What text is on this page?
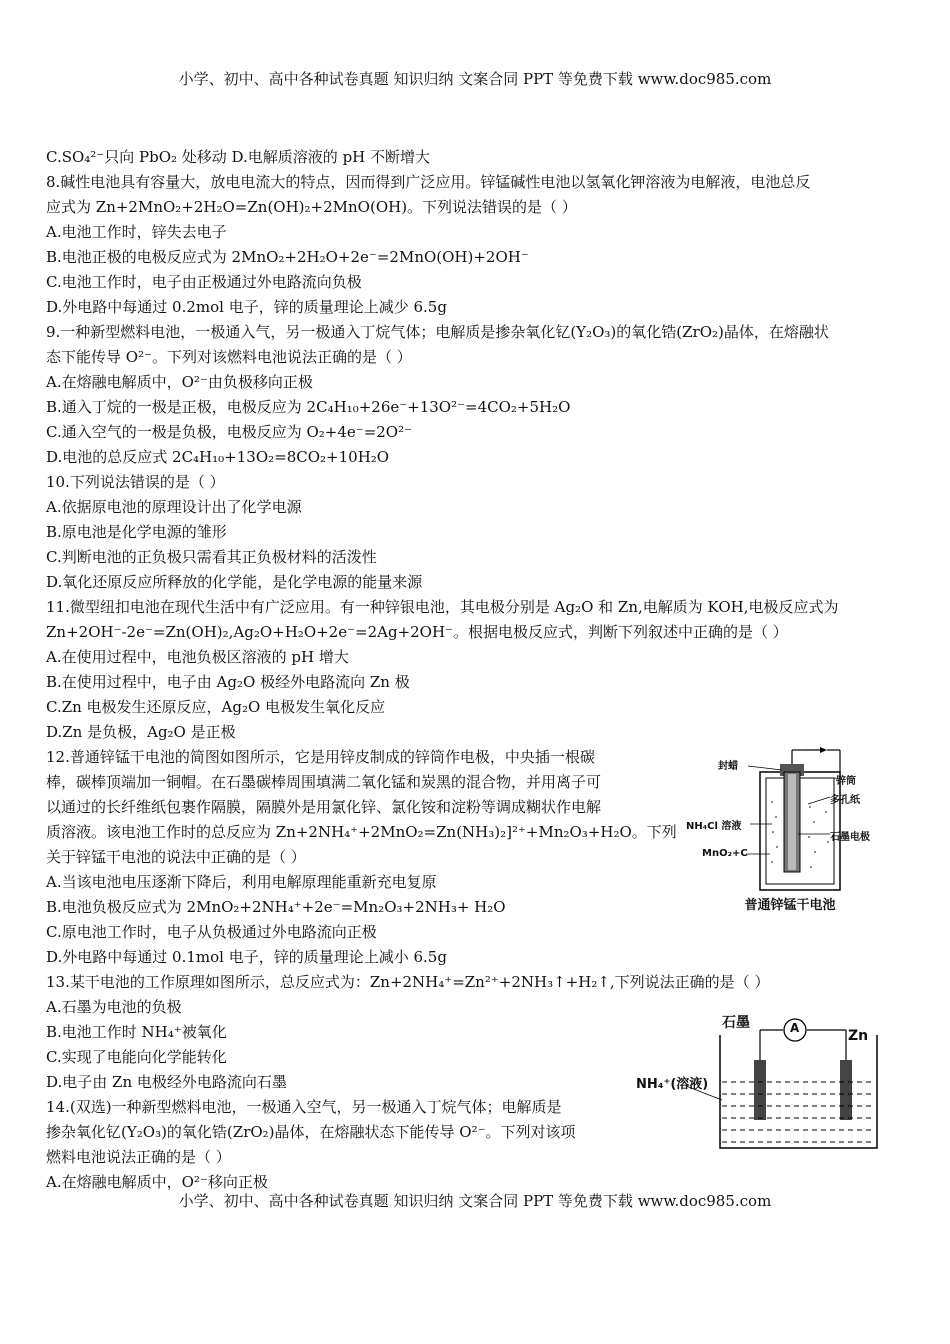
小学、初中、高中各种试卷真题 知识归纳 文案合同 PPT 等免费下载 www.doc985.com
C.SO₄²⁻只向 PbO₂ 处移动 D.电解质溶液的 pH 不断增大
8.碱性电池具有容量大，放电电流大的特点，因而得到广泛应用。锌锰碱性电池以氢氧化钾溶液为电解液，电池总反
应式为 Zn+2MnO₂+2H₂O=Zn(OH)₂+2MnO(OH)。下列说法错误的是（ ）
A.电池工作时，锌失去电子
B.电池正极的电极反应式为 2MnO₂+2H₂O+2e⁻=2MnO(OH)+2OH⁻
C.电池工作时，电子由正极通过外电路流向负极
D.外电路中每通过 0.2mol 电子，锌的质量理论上减少 6.5g
9.一种新型燃料电池，一极通入气，另一极通入丁烷气体；电解质是掺杂氧化钇(Y₂O₃)的氧化锆(ZrO₂)晶体，在熔融状
态下能传导 O²⁻。下列对该燃料电池说法正确的是（ ）
A.在熔融电解质中，O²⁻由负极移向正极
B.通入丁烷的一极是正极，电极反应为 2C₄H₁₀+26e⁻+13O²⁻=4CO₂+5H₂O
C.通入空气的一极是负极，电极反应为 O₂+4e⁻=2O²⁻
D.电池的总反应式 2C₄H₁₀+13O₂=8CO₂+10H₂O
10.下列说法错误的是（ ）
A.依据原电池的原理设计出了化学电源
B.原电池是化学电源的雏形
C.判断电池的正负极只需看其正负极材料的活泼性
D.氧化还原反应所释放的化学能，是化学电源的能量来源
11.微型纽扣电池在现代生活中有广泛应用。有一种锌银电池，其电极分别是 Ag₂O 和 Zn,电解质为 KOH,电极反应式为
Zn+2OH⁻-2e⁻=Zn(OH)₂,Ag₂O+H₂O+2e⁻=2Ag+2OH⁻。根据电极反应式，判断下列叙述中正确的是（ ）
A.在使用过程中，电池负极区溶液的 pH 增大
B.在使用过程中，电子由 Ag₂O 极经外电路流向 Zn 极
C.Zn 电极发生还原反应，Ag₂O 电极发生氧化反应
D.Zn 是负极，Ag₂O 是正极
12.普通锌锰干电池的简图如图所示，它是用锌皮制成的锌筒作电极，中央插一根碳
棒，碳棒顶端加一铜帽。在石墨碳棒周围填满二氧化锰和炭黑的混合物，并用离子可
以通过的长纤维纸包裹作隔膜，隔膜外是用氯化锌、氯化铵和淀粉等调成糊状作电解
质溶液。该电池工作时的总反应为 Zn+2NH₄⁺+2MnO₂=Zn(NH₃)₂]²⁺+Mn₂O₃+H₂O。下列
关于锌锰干电池的说法中正确的是（ ）
A.当该电池电压逐渐下降后，利用电解原理能重新充电复原
B.电池负极反应式为 2MnO₂+2NH₄⁺+2e⁻=Mn₂O₃+2NH₃+ H₂O
C.原电池工作时，电子从负极通过外电路流向正极
D.外电路中每通过 0.1mol 电子，锌的质量理论上减小 6.5g
13.某干电池的工作原理如图所示，总反应式为：Zn+2NH₄⁺=Zn²⁺+2NH₃↑+H₂↑,下列说法正确的是（ ）
A.石墨为电池的负极
B.电池工作时 NH₄⁺被氧化
C.实现了电能向化学能转化
D.电子由 Zn 电极经外电路流向石墨
14.(双选)一种新型燃料电池，一极通入空气，另一极通入丁烷气体；电解质是
掺杂氧化钇(Y₂O₃)的氧化锆(ZrO₂)晶体，在熔融状态下能传导 O²⁻。下列对该项
燃料电池说法正确的是（ ）
A.在熔融电解质中，O²⁻移向正极
封蜡
锌筒
多孔纸
NH₄Cl 溶液
石墨电极
MnO₂+C
普通锌锰干电池
石墨	A	Zn
NH₄⁺(溶液)
小学、初中、高中各种试卷真题 知识归纳 文案合同 PPT 等免费下载 www.doc985.com
